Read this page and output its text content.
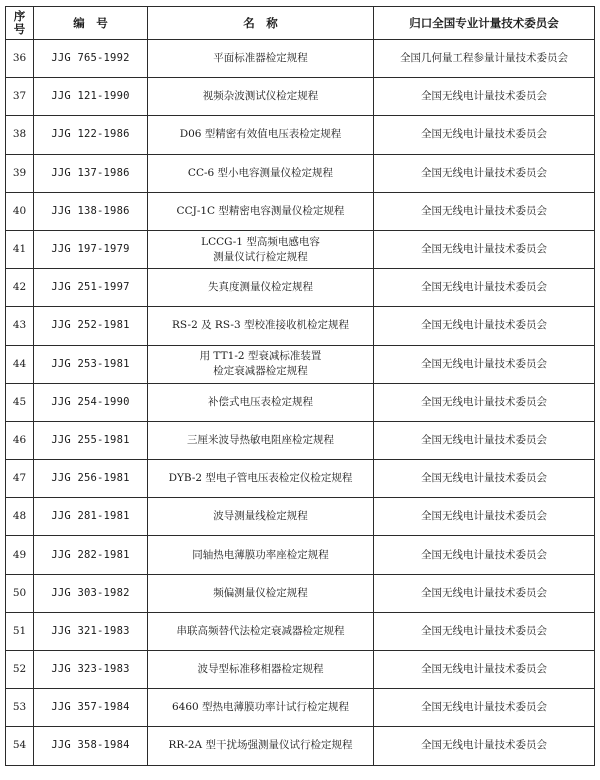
序
号	编　号	名　称	归口全国专业计量技术委员会
36	JJG 765-1992	平面标准器检定规程	全国几何量工程参量计量技术委员会
37	JJG 121-1990	视频杂波测试仪检定规程	全国无线电计量技术委员会
38	JJG 122-1986	D06 型精密有效值电压表检定规程	全国无线电计量技术委员会
39	JJG 137-1986	CC-6 型小电容测量仪检定规程	全国无线电计量技术委员会
40	JJG 138-1986	CCJ-1C 型精密电容测量仪检定规程	全国无线电计量技术委员会
41	JJG 197-1979	LCCG-1 型高频电感电容
测量仪试行检定规程	全国无线电计量技术委员会
42	JJG 251-1997	失真度测量仪检定规程	全国无线电计量技术委员会
43	JJG 252-1981	RS-2 及 RS-3 型校准接收机检定规程	全国无线电计量技术委员会
44	JJG 253-1981	用 TT1-2 型衰减标准装置
检定衰减器检定规程	全国无线电计量技术委员会
45	JJG 254-1990	补偿式电压表检定规程	全国无线电计量技术委员会
46	JJG 255-1981	三厘米波导热敏电阻座检定规程	全国无线电计量技术委员会
47	JJG 256-1981	DYB-2 型电子管电压表检定仪检定规程	全国无线电计量技术委员会
48	JJG 281-1981	波导测量线检定规程	全国无线电计量技术委员会
49	JJG 282-1981	同轴热电薄膜功率座检定规程	全国无线电计量技术委员会
50	JJG 303-1982	频偏测量仪检定规程	全国无线电计量技术委员会
51	JJG 321-1983	串联高频替代法检定衰减器检定规程	全国无线电计量技术委员会
52	JJG 323-1983	波导型标准移相器检定规程	全国无线电计量技术委员会
53	JJG 357-1984	6460 型热电薄膜功率计试行检定规程	全国无线电计量技术委员会
54	JJG 358-1984	RR-2A 型干扰场强测量仪试行检定规程	全国无线电计量技术委员会
